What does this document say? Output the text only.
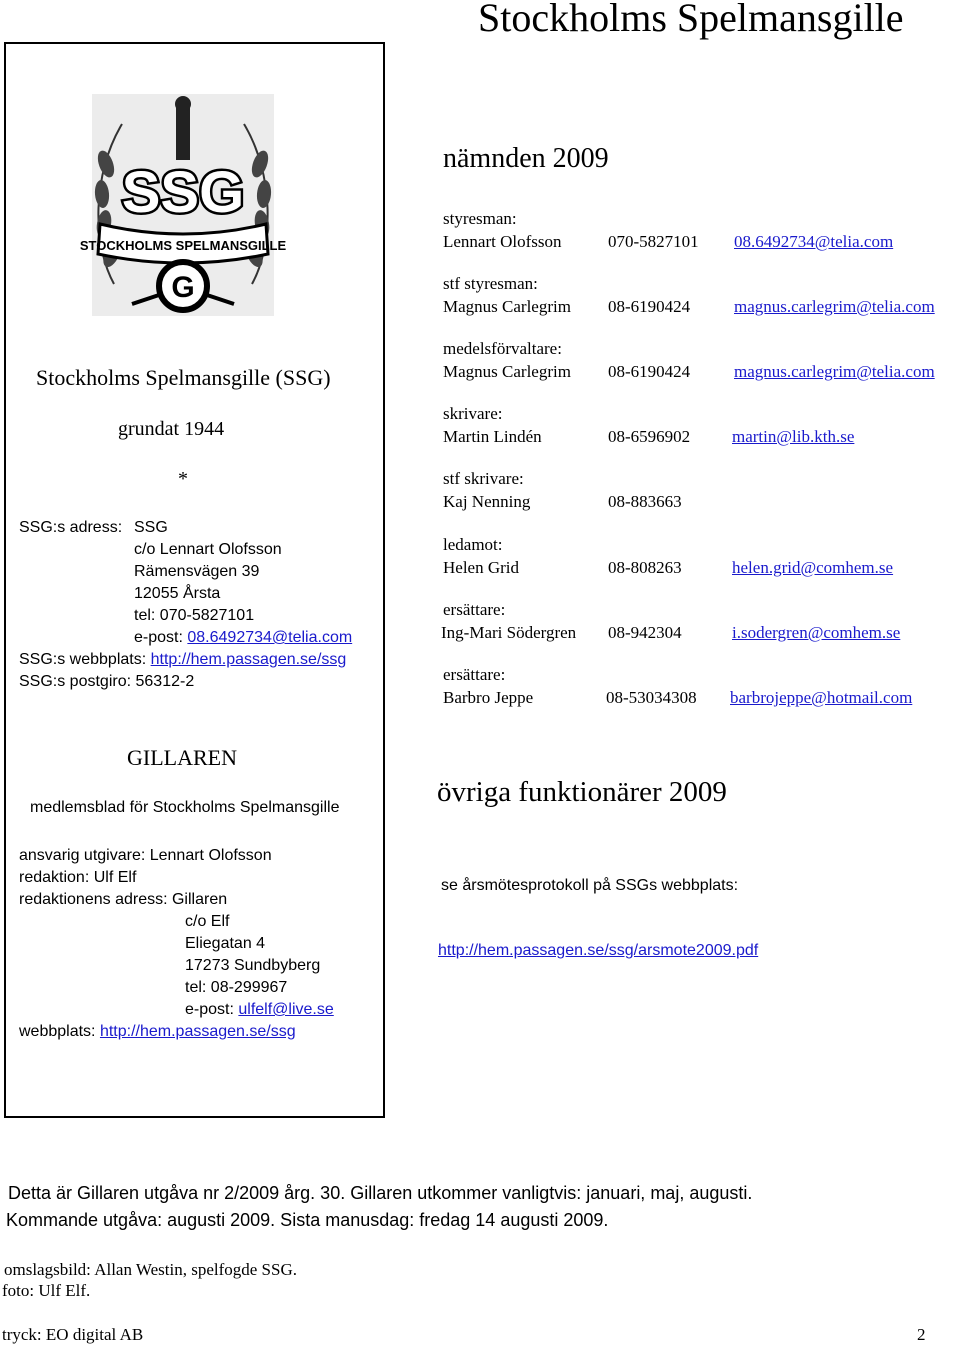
Stockholms Spelmansgille
SSG
STOCKHOLMS SPELMANSGILLE
G
Stockholms Spelmansgille (SSG)
grundat 1944
*
SSG:s adress: SSG
c/o Lennart Olofsson
Rämensvägen 39
12055 Årsta
tel: 070-5827101
e-post: 08.6492734@telia.com
SSG:s webbplats: http://hem.passagen.se/ssg
SSG:s postgiro: 56312-2
GILLAREN
medlemsblad för Stockholms Spelmansgille
ansvarig utgivare: Lennart Olofsson
redaktion: Ulf Elf
redaktionens adress: Gillaren
c/o Elf
Eliegatan 4
17273 Sundbyberg
tel: 08-299967
e-post: ulfelf@live.se
webbplats: http://hem.passagen.se/ssg
nämnden 2009
styresman:
Lennart Olofsson	070-5827101 08.6492734@telia.com
stf styresman:
Magnus Carlegrim 08-6190424	magnus.carlegrim@telia.com
medelsförvaltare:
Magnus Carlegrim 08-6190424	magnus.carlegrim@telia.com
skrivare:
Martin Lindén	08-6596902 martin@lib.kth.se
stf skrivare:
Kaj Nenning	08-883663
ledamot:
Helen Grid	08-808263	helen.grid@comhem.se
ersättare:
Ing-Mari Södergren 08-942304	i.sodergren@comhem.se
ersättare:
Barbro Jeppe	08-53034308 barbrojeppe@hotmail.com
övriga funktionärer 2009
se årsmötesprotokoll på SSGs webbplats:
http://hem.passagen.se/ssg/arsmote2009.pdf
Detta är Gillaren utgåva nr 2/2009 årg. 30. Gillaren utkommer vanligtvis: januari, maj, augusti.
Kommande utgåva: augusti 2009. Sista manusdag: fredag 14 augusti 2009.
omslagsbild: Allan Westin, spelfogde SSG.
foto: Ulf Elf.
tryck: EO digital AB	2
